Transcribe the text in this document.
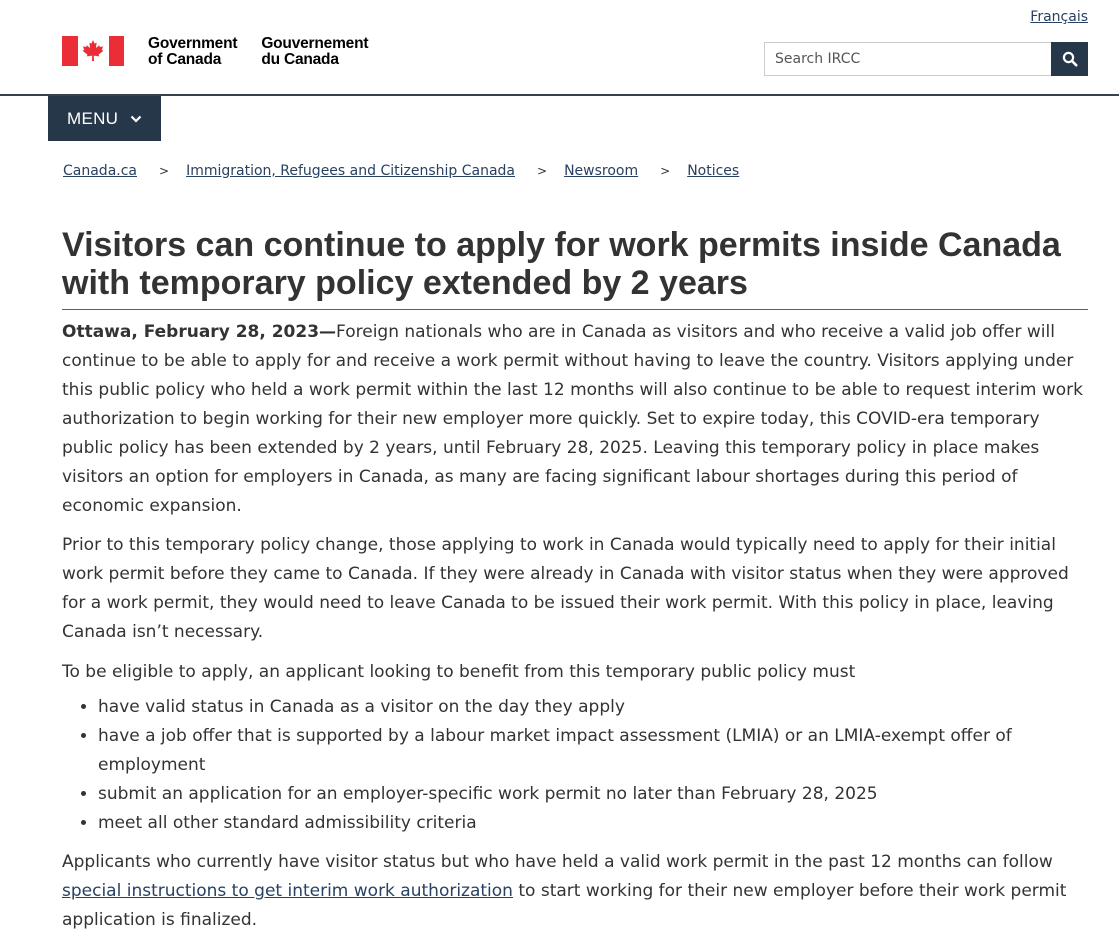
Français
Government
of Canada
Gouvernement
du Canada
Search IRCC
MENU
Canada.ca > Immigration, Refugees and Citizenship Canada > Newsroom > Notices
Visitors can continue to apply for work permits inside Canada with temporary policy extended by 2 years

Ottawa, February 28, 2023—Foreign nationals who are in Canada as visitors and who receive a valid job offer will continue to be able to apply for and receive a work permit without having to leave the country. Visitors applying under this public policy who held a work permit within the last 12 months will also continue to be able to request interim work authorization to begin working for their new employer more quickly. Set to expire today, this COVID-era temporary public policy has been extended by 2 years, until February 28, 2025. Leaving this temporary policy in place makes visitors an option for employers in Canada, as many are facing significant labour shortages during this period of economic expansion.

Prior to this temporary policy change, those applying to work in Canada would typically need to apply for their initial work permit before they came to Canada. If they were already in Canada with visitor status when they were approved for a work permit, they would need to leave Canada to be issued their work permit. With this policy in place, leaving Canada isn’t necessary.

To be eligible to apply, an applicant looking to benefit from this temporary public policy must

• have valid status in Canada as a visitor on the day they apply
• have a job offer that is supported by a labour market impact assessment (LMIA) or an LMIA-exempt offer of employment
• submit an application for an employer-specific work permit no later than February 28, 2025
• meet all other standard admissibility criteria

Applicants who currently have visitor status but who have held a valid work permit in the past 12 months can follow special instructions to get interim work authorization to start working for their new employer before their work permit application is finalized.
